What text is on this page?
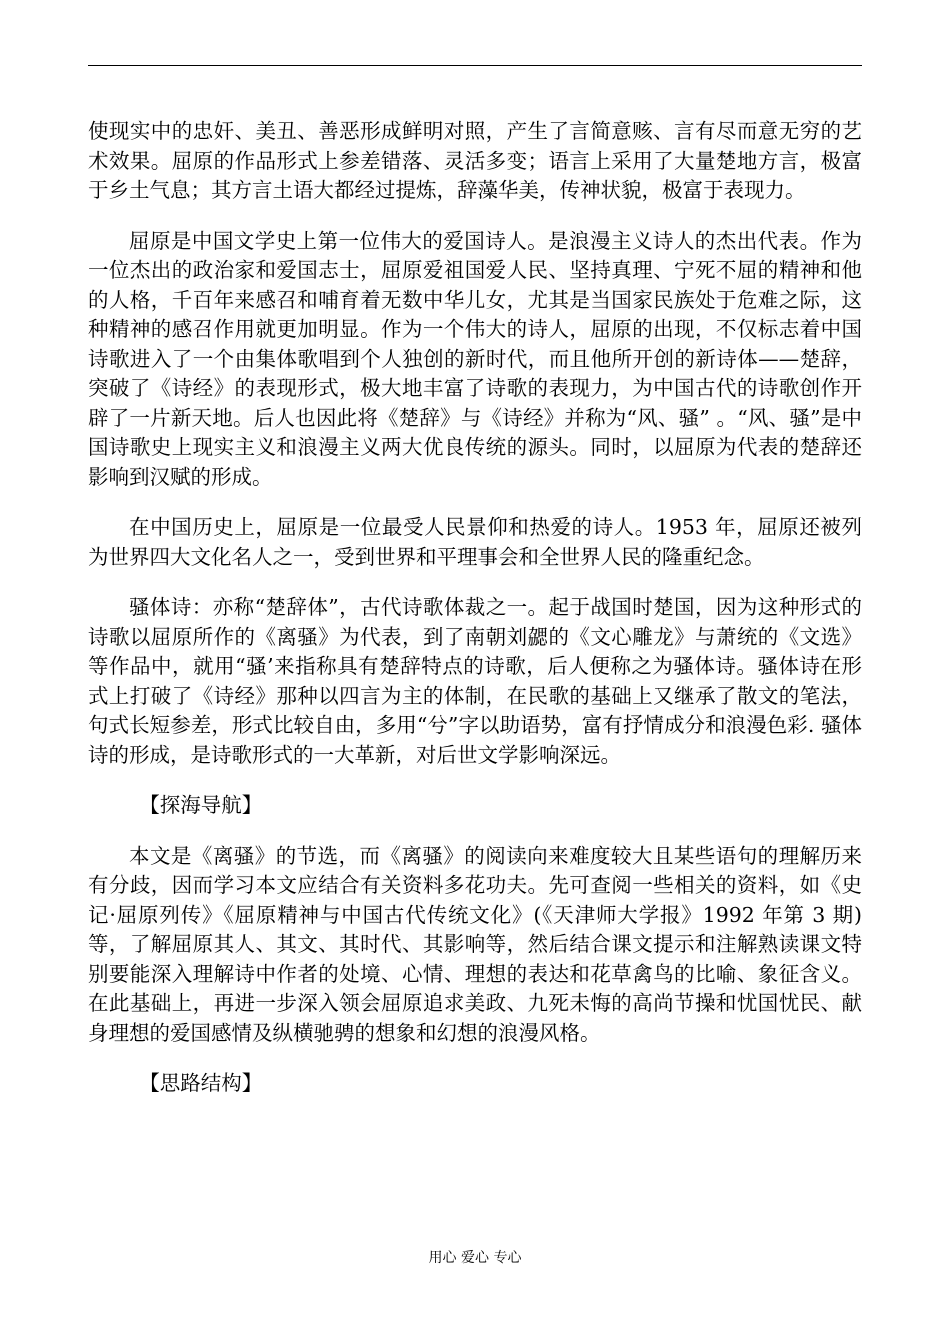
使现实中的忠奸、美丑、善恶形成鲜明对照，产生了言简意赅、言有尽而意无穷的艺术效果。屈原的作品形式上参差错落、灵活多变；语言上采用了大量楚地方言，极富于乡土气息；其方言土语大都经过提炼，辞藻华美，传神状貌，极富于表现力。

屈原是中国文学史上第一位伟大的爱国诗人。是浪漫主义诗人的杰出代表。作为一位杰出的政治家和爱国志士，屈原爱祖国爱人民、坚持真理、宁死不屈的精神和他的人格，千百年来感召和哺育着无数中华儿女，尤其是当国家民族处于危难之际，这种精神的感召作用就更加明显。作为一个伟大的诗人，屈原的出现，不仅标志着中国诗歌进入了一个由集体歌唱到个人独创的新时代，而且他所开创的新诗体——楚辞，突破了《诗经》的表现形式，极大地丰富了诗歌的表现力，为中国古代的诗歌创作开辟了一片新天地。后人也因此将《楚辞》与《诗经》并称为“风、骚” 。“风、骚”是中国诗歌史上现实主义和浪漫主义两大优良传统的源头。同时，以屈原为代表的楚辞还影响到汉赋的形成。

在中国历史上，屈原是一位最受人民景仰和热爱的诗人。1953 年，屈原还被列为世界四大文化名人之一，受到世界和平理事会和全世界人民的隆重纪念。

骚体诗：亦称“楚辞体”，古代诗歌体裁之一。起于战国时楚国，因为这种形式的诗歌以屈原所作的《离骚》为代表，到了南朝刘勰的《文心雕龙》与萧统的《文选》等作品中，就用“骚’来指称具有楚辞特点的诗歌，后人便称之为骚体诗。骚体诗在形式上打破了《诗经》那种以四言为主的体制，在民歌的基础上又继承了散文的笔法，句式长短参差，形式比较自由，多用“兮”字以助语势，富有抒情成分和浪漫色彩. 骚体诗的形成，是诗歌形式的一大革新，对后世文学影响深远。

【探海导航】

本文是《离骚》的节选，而《离骚》的阅读向来难度较大且某些语句的理解历来有分歧，因而学习本文应结合有关资料多花功夫。先可查阅一些相关的资料，如《史记·屈原列传》《屈原精神与中国古代传统文化》(《天津师大学报》1992 年第 3 期)等，了解屈原其人、其文、其时代、其影响等，然后结合课文提示和注解熟读课文特别要能深入理解诗中作者的处境、心情、理想的表达和花草禽鸟的比喻、象征含义。在此基础上，再进一步深入领会屈原追求美政、九死未悔的高尚节操和忧国忧民、献身理想的爱国感情及纵横驰骋的想象和幻想的浪漫风格。

【思路结构】

用心 爱心 专心
